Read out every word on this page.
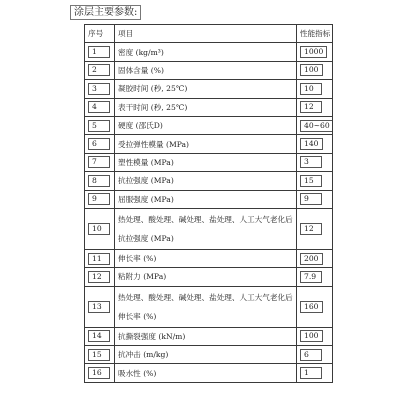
涂层主要参数:
序号	项目	性能指标
1	密度 (kg/m³)	1000
2	固体含量 (%)	100
3	凝胶时间 (秒, 25℃)	10
4	表干时间 (秒, 25℃)	12
5	硬度 (邵氏D)	40~60
6	受拉弹性模量 (MPa)	140
7	塑性模量 (MPa)	3
8	抗拉强度 (MPa)	15
9	屈服强度 (MPa)	9
10	热处理、酸处理、碱处理、盐处理、人工大气老化后抗拉强度 (MPa)	12
11	伸长率 (%)	200
12	粘附力 (MPa)	7.9
13	热处理、酸处理、碱处理、盐处理、人工大气老化后伸长率 (%)	160
14	抗撕裂强度 (kN/m)	100
15	抗冲击 (m/kg)	6
16	吸水性 (%)	1
